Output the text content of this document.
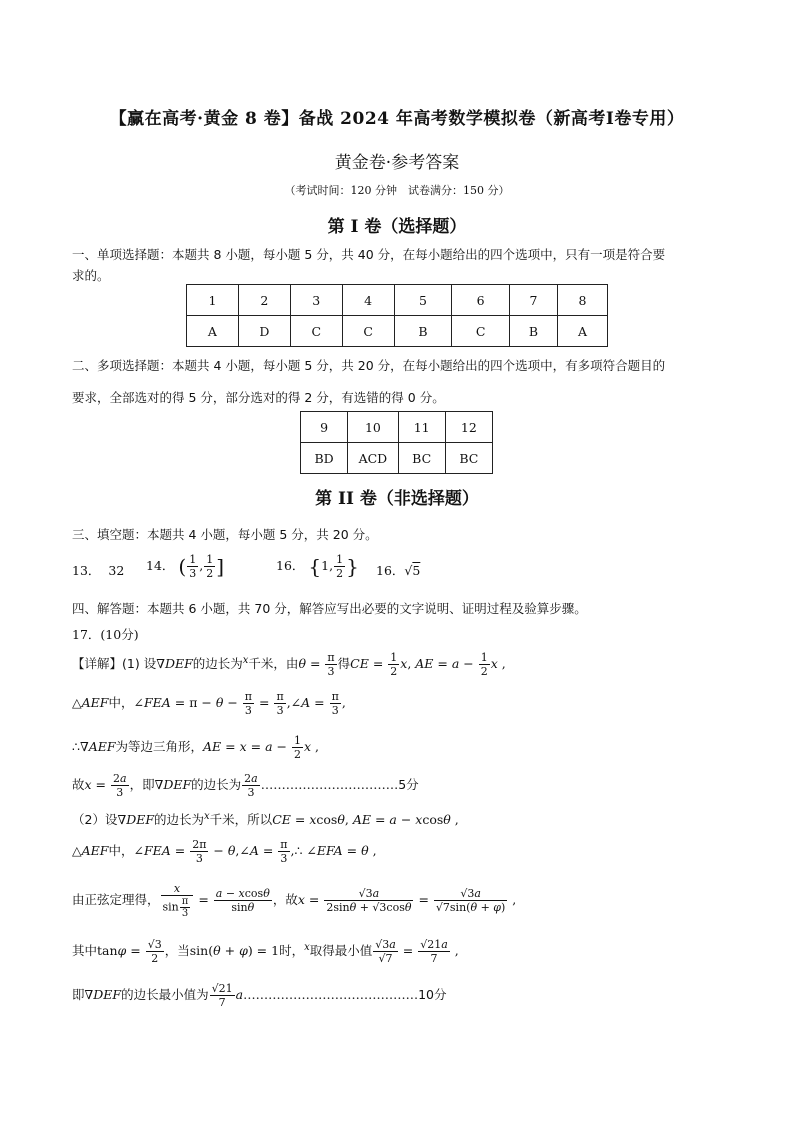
【赢在高考·黄金 8 卷】备战 2024 年高考数学模拟卷（新高考Ⅰ卷专用）
黄金卷·参考答案
（考试时间：120 分钟　试卷满分：150 分）
第 I 卷（选择题）
一、单项选择题：本题共 8 小题，每小题 5 分，共 40 分，在每小题给出的四个选项中，只有一项是符合要
求的。
1	2	3	4	5	6	7	8
A	D	C	C	B	C	B	A
二、多项选择题：本题共 4 小题，每小题 5 分，共 20 分，在每小题给出的四个选项中，有多项符合题目的
要求，全部选对的得 5 分，部分选对的得 2 分，有选错的得 0 分。
9	10	11	12
BD	ACD	BC	BC
第 II 卷（非选择题）
三、填空题：本题共 4 小题，每小题 5 分，共 20 分。
13． 32 14． ( $\frac{1}{3}$ , $\frac{1}{2}$ ]	16． {1, $\frac{1}{2}$ } 16．√5
四、解答题：本题共 6 小题，共 70 分，解答应写出必要的文字说明、证明过程及验算步骤。
17．(10分)
【详解】(1) 设∇DEF的边长为$^x$千米，由$\theta = \frac{\pi}{3}$ 得CE = $\frac{1}{2} x$, AE = $a - \frac{1}{2}$ x ,
△AEF中，∠FEA = $\pi - \theta - \frac{\pi}{3} = \frac{\pi}{3}$ ,∠A = $\frac{\pi}{3}$ ,
∴∇AEF为等边三角形，AE = $x = a - \frac{1}{2}$ x ,
故$x = \frac{2a}{3}$ ，即∇DEF的边长为 $\frac{2a}{3}$ ……………………………5分
（2）设∇DEF的边长为$^x$千米，所以CE = xcosθ, AE = a − xcosθ ,
△AEF中，∠FEA = $\frac{2\pi}{3}$ − θ,∠A = $\frac{\pi}{3}$ ,∴ ∠EFA = θ ,
由正弦定理得， $\frac{x}{\sin \frac{\pi}{3}} = \frac{a - xcos\theta}{\sin\theta}$ ，故$x = \frac{√3a}{2\sin\theta + √3\cos\theta} = \frac{√3a}{√7\sin(\theta + \varphi)}$ ,
其中$\tan\varphi = \frac{√3}{2}$ ，当sin(θ + φ) = 1时，$^x$取得最小值 $\frac{√3a}{√7} = \frac{√21a}{7}$ ,
即∇DEF的边长最小值为 $\frac{√21}{7}$ a……………………………………10分
